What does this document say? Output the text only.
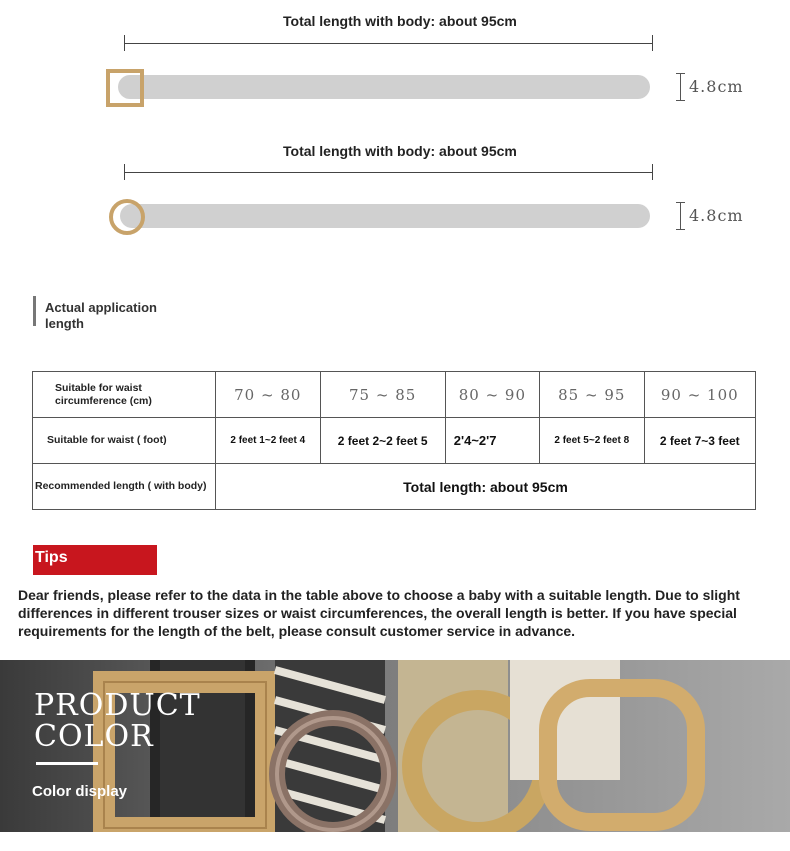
Total length with body: about 95cm
4.8cm
Total length with body: about 95cm
4.8cm
Actual application length
Suitable for waist circumference (cm)	70 ~ 80	75 ~ 85	80 ~ 90	85 ~ 95	90 ~ 100
Suitable for waist ( foot)	2 feet 1~2 feet 4	2 feet 2~2 feet 5	2'4~2'7	2 feet 5~2 feet 8	2 feet 7~3 feet
Recommended length ( with body)	Total length: about 95cm				
Tips
Dear friends, please refer to the data in the table above to choose a baby with a suitable length. Due to slight differences in different trouser sizes or waist circumferences, the overall length is better. If you have special requirements for the length of the belt, please consult customer service in advance.
PRODUCT
COLOR
Color display
